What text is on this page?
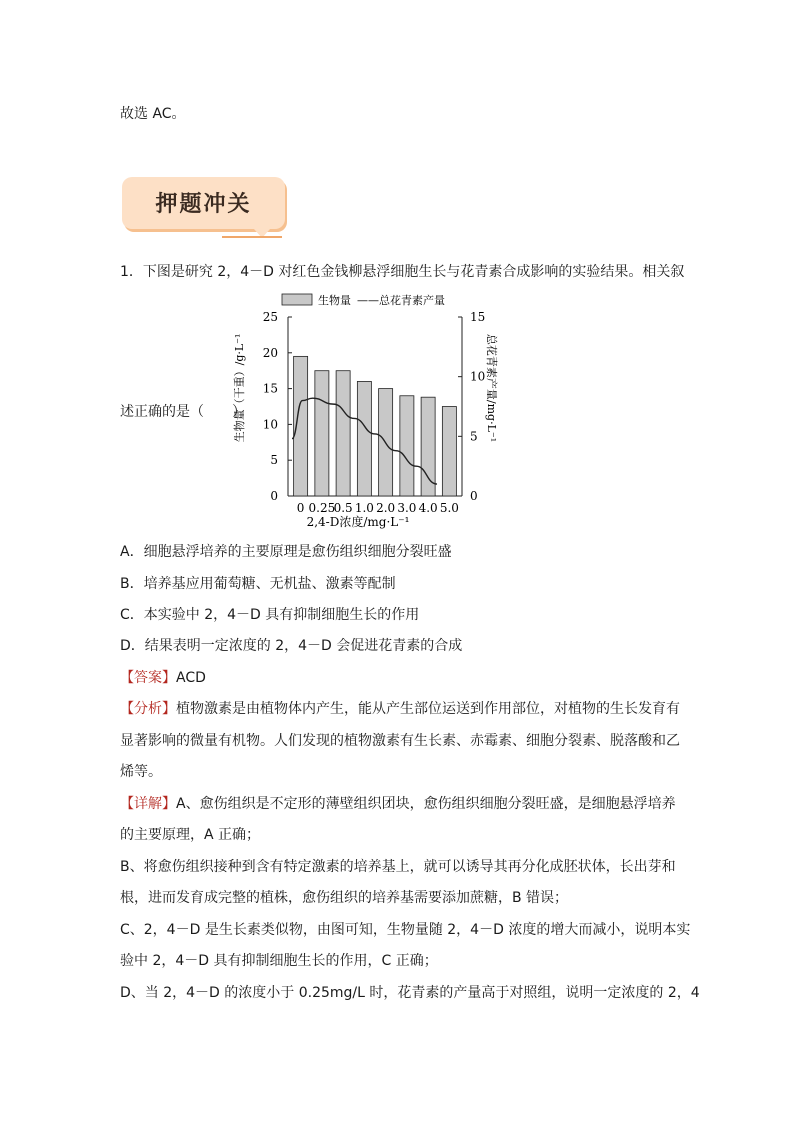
故选 AC。
押题冲关
1．下图是研究 2，4－D 对红色金钱柳悬浮细胞生长与花青素合成影响的实验结果。相关叙
生物量 ——总花青素产量
0
5
10
15
20
25
0
5
10
15
0 0.25
0.5 1.0 2.0 3.0 4.0 5.0
2,4-D浓度/mg·L⁻¹
生物量（干重）/g·L⁻¹	总花青素产量/mg·L⁻¹
述正确的是（　　）
A．细胞悬浮培养的主要原理是愈伤组织细胞分裂旺盛
B．培养基应用葡萄糖、无机盐、激素等配制
C．本实验中 2，4－D 具有抑制细胞生长的作用
D．结果表明一定浓度的 2，4－D 会促进花青素的合成
【答案】ACD
【分析】植物激素是由植物体内产生，能从产生部位运送到作用部位，对植物的生长发育有
显著影响的微量有机物。人们发现的植物激素有生长素、赤霉素、细胞分裂素、脱落酸和乙
烯等。
【详解】A、愈伤组织是不定形的薄壁组织团块，愈伤组织细胞分裂旺盛，是细胞悬浮培养
的主要原理，A 正确；
B、将愈伤组织接种到含有特定激素的培养基上，就可以诱导其再分化成胚状体，长出芽和
根，进而发育成完整的植株，愈伤组织的培养基需要添加蔗糖，B 错误；
C、2，4－D 是生长素类似物，由图可知，生物量随 2，4－D 浓度的增大而减小，说明本实
验中 2，4－D 具有抑制细胞生长的作用，C 正确；
D、当 2，4－D 的浓度小于 0.25mg/L 时，花青素的产量高于对照组，说明一定浓度的 2，4
